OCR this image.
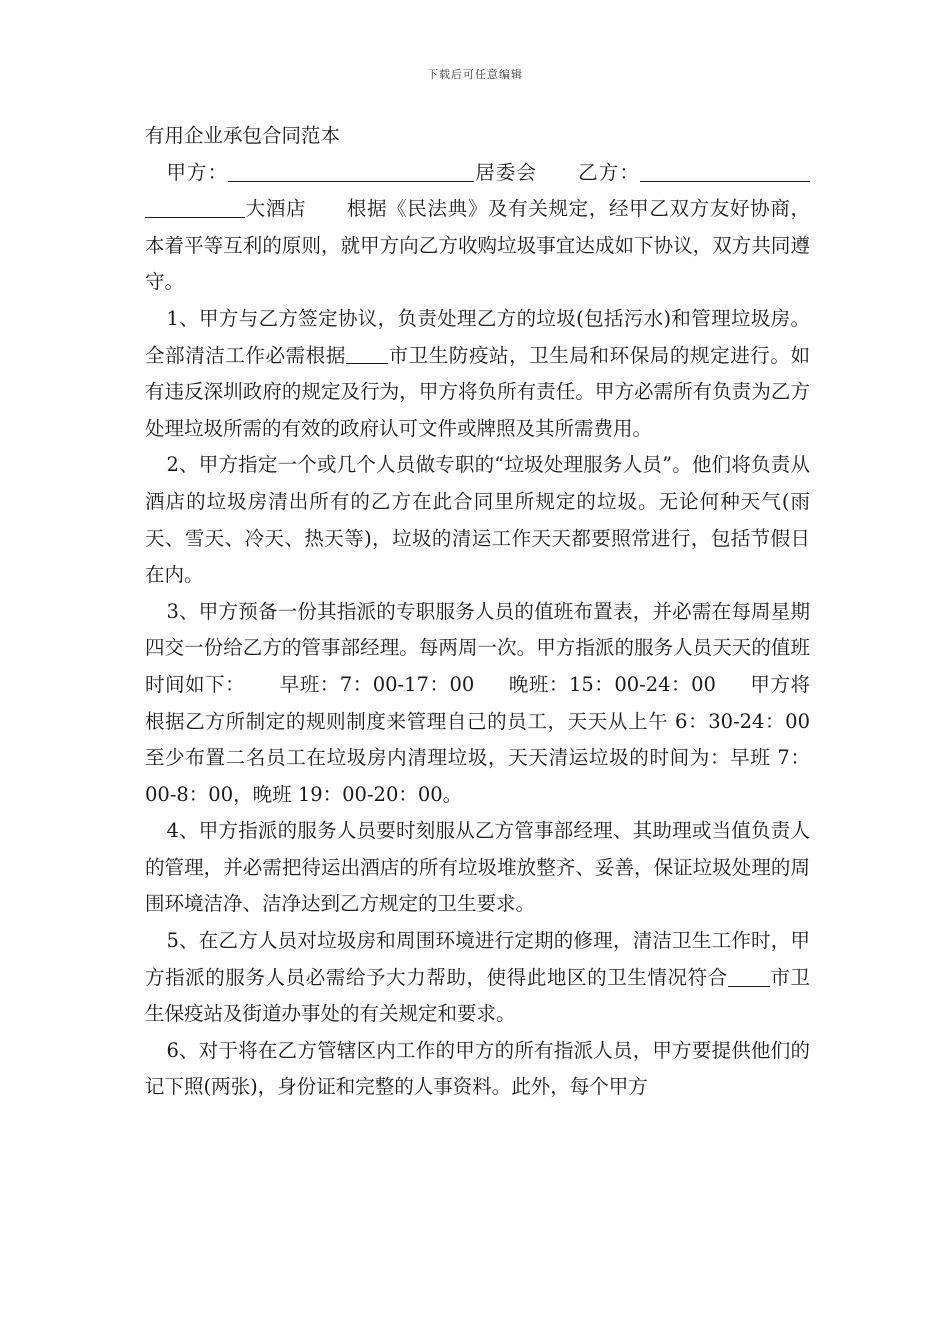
下载后可任意编辑
有用企业承包合同范本

甲方：	居委会 乙方：大酒店 根据《民法典》及有关规定，经甲乙双方友好协商，本着平等互利的原则，就甲方向乙方收购垃圾事宜达成如下协议，双方共同遵守。

1、甲方与乙方签定协议，负责处理乙方的垃圾(包括污水)和管理垃圾房。全部清洁工作必需根据 市卫生防疫站，卫生局和环保局的规定进行。如有违反深圳政府的规定及行为，甲方将负所有责任。甲方必需所有负责为乙方处理垃圾所需的有效的政府认可文件或牌照及其所需费用。

2、甲方指定一个或几个人员做专职的“垃圾处理服务人员”。他们将负责从酒店的垃圾房清出所有的乙方在此合同里所规定的垃圾。无论何种天气(雨天、雪天、冷天、热天等)，垃圾的清运工作天天都要照常进行，包括节假日在内。

3、甲方预备一份其指派的专职服务人员的值班布置表，并必需在每周星期四交一份给乙方的管事部经理。每两周一次。甲方指派的服务人员天天的值班时间如下： 早班：7：00-17：00 晚班：15：00-24：00 甲方将根据乙方所制定的规则制度来管理自己的员工，天天从上午 6：30-24：00 至少布置二名员工在垃圾房内清理垃圾，天天清运垃圾的时间为：早班 7：00-8：00，晚班 19：00-20：00。

4、甲方指派的服务人员要时刻服从乙方管事部经理、其助理或当值负责人的管理，并必需把待运出酒店的所有垃圾堆放整齐、妥善，保证垃圾处理的周围环境洁净、洁净达到乙方规定的卫生要求。

5、在乙方人员对垃圾房和周围环境进行定期的修理，清洁卫生工作时，甲方指派的服务人员必需给予大力帮助，使得此地区的卫生情况符合 市卫生保疫站及街道办事处的有关规定和要求。

6、对于将在乙方管辖区内工作的甲方的所有指派人员，甲方要提供他们的记下照(两张)，身份证和完整的人事资料。此外，每个甲方
